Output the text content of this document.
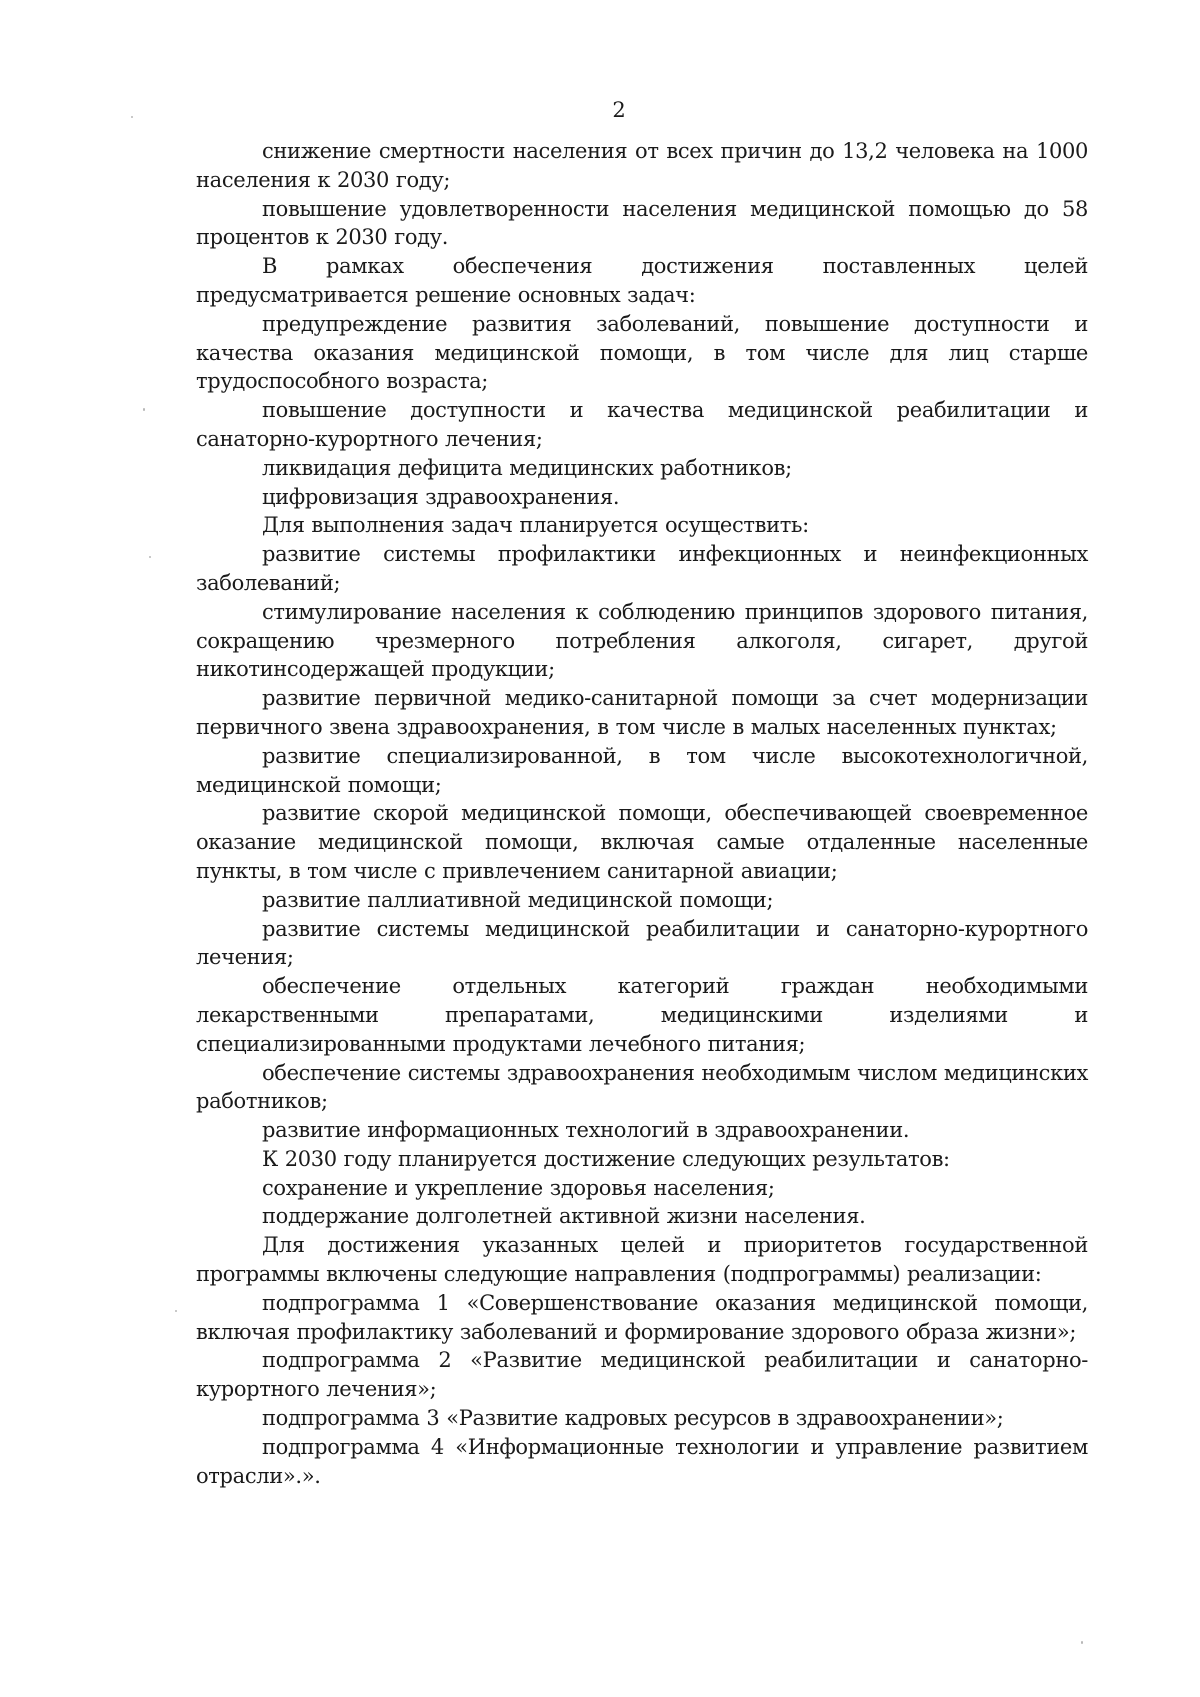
2

снижение смертности населения от всех причин до 13,2 человека на 1000 населения к 2030 году;

повышение удовлетворенности населения медицинской помощью до 58 процентов к 2030 году.

В рамках обеспечения достижения поставленных целей предусматривается решение основных задач:

предупреждение развития заболеваний, повышение доступности и качества оказания медицинской помощи, в том числе для лиц старше трудоспособного возраста;

повышение доступности и качества медицинской реабилитации и санаторно-курортного лечения;

ликвидация дефицита медицинских работников;

цифровизация здравоохранения.

Для выполнения задач планируется осуществить:

развитие системы профилактики инфекционных и неинфекционных заболеваний;

стимулирование населения к соблюдению принципов здорового питания, сокращению чрезмерного потребления алкоголя, сигарет, другой никотинсодержащей продукции;

развитие первичной медико-санитарной помощи за счет модернизации первичного звена здравоохранения, в том числе в малых населенных пунктах;

развитие специализированной, в том числе высокотехнологичной, медицинской помощи;

развитие скорой медицинской помощи, обеспечивающей своевременное оказание медицинской помощи, включая самые отдаленные населенные пункты, в том числе с привлечением санитарной авиации;

развитие паллиативной медицинской помощи;

развитие системы медицинской реабилитации и санаторно-курортного лечения;

обеспечение отдельных категорий граждан необходимыми лекарственными препаратами, медицинскими изделиями и специализированными продуктами лечебного питания;

обеспечение системы здравоохранения необходимым числом медицинских работников;

развитие информационных технологий в здравоохранении.

К 2030 году планируется достижение следующих результатов:

сохранение и укрепление здоровья населения;

поддержание долголетней активной жизни населения.

Для достижения указанных целей и приоритетов государственной программы включены следующие направления (подпрограммы) реализации:

подпрограмма 1 «Совершенствование оказания медицинской помощи, включая профилактику заболеваний и формирование здорового образа жизни»;

подпрограмма 2 «Развитие медицинской реабилитации и санаторно-курортного лечения»;

подпрограмма 3 «Развитие кадровых ресурсов в здравоохранении»;

подпрограмма 4 «Информационные технологии и управление развитием отрасли».».
